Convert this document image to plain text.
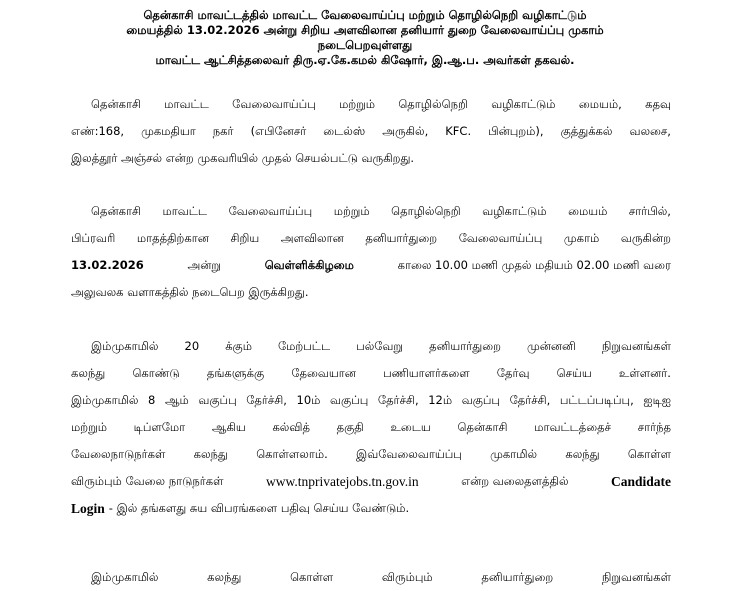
தென்காசி மாவட்டத்தில் மாவட்ட வேலைவாய்ப்பு மற்றும் தொழில்நெறி வழிகாட்டும்
மையத்தில் 13.02.2026 அன்று சிறிய அளவிலான தனியார் துறை வேலைவாய்ப்பு முகாம்
நடைபெறவுள்ளது
மாவட்ட ஆட்சித்தலைவர் திரு.ஏ.கே.கமல் கிஷோர், இ.ஆ.ப. அவர்கள் தகவல்.
தென்காசி மாவட்ட வேலைவாய்ப்பு மற்றும் தொழில்நெறி வழிகாட்டும் மையம், கதவு
எண்:168, முகமதியா நகர் (எபினேசர் டைல்ஸ் அருகில், KFC. பின்புறம்), குத்துக்கல் வலசை,
இலத்தூர் அஞ்சல் என்ற முகவரியில் முதல் செயல்பட்டு வருகிறது.
தென்காசி மாவட்ட வேலைவாய்ப்பு மற்றும் தொழில்நெறி வழிகாட்டும் மையம் சார்பில்,
பிப்ரவரி மாதத்திற்கான சிறிய அளவிலான தனியார்துறை வேலைவாய்ப்பு முகாம் வருகின்ற
13.02.2026	அன்று	வெள்ளிக்கிழமை	காலை 10.00 மணி முதல் மதியம் 02.00 மணி வரை
அலுவலக வளாகத்தில் நடைபெற இருக்கிறது.
இம்முகாமில் 20 க்கும் மேற்பட்ட பல்வேறு தனியார்துறை முன்னனி நிறுவனங்கள்
கலந்து கொண்டு தங்களுக்கு தேவையான பணியாளர்களை தேர்வு செய்ய உள்ளனர்.
இம்முகாமில் 8 ஆம் வகுப்பு தேர்ச்சி, 10ம் வகுப்பு தேர்ச்சி, 12ம் வகுப்பு தேர்ச்சி, பட்டப்படிப்பு, ஐடிஐ
மற்றும் டிப்ளமோ ஆகிய கல்வித் தகுதி உடைய தென்காசி மாவட்டத்தைச் சார்ந்த
வேலைநாடுநர்கள் கலந்து கொள்ளலாம். இவ்வேலைவாய்ப்பு முகாமில் கலந்து கொள்ள
விரும்பும் வேலை நாடுநர்கள்	www.tnprivatejobs.tn.gov.in	என்ற வலைதளத்தில்	Candidate
Login - இல் தங்களது சுய விபரங்களை பதிவு செய்ய வேண்டும்.
இம்முகாமில்	கலந்து	கொள்ள	விரும்பும்	தனியார்துறை	நிறுவனங்கள்
